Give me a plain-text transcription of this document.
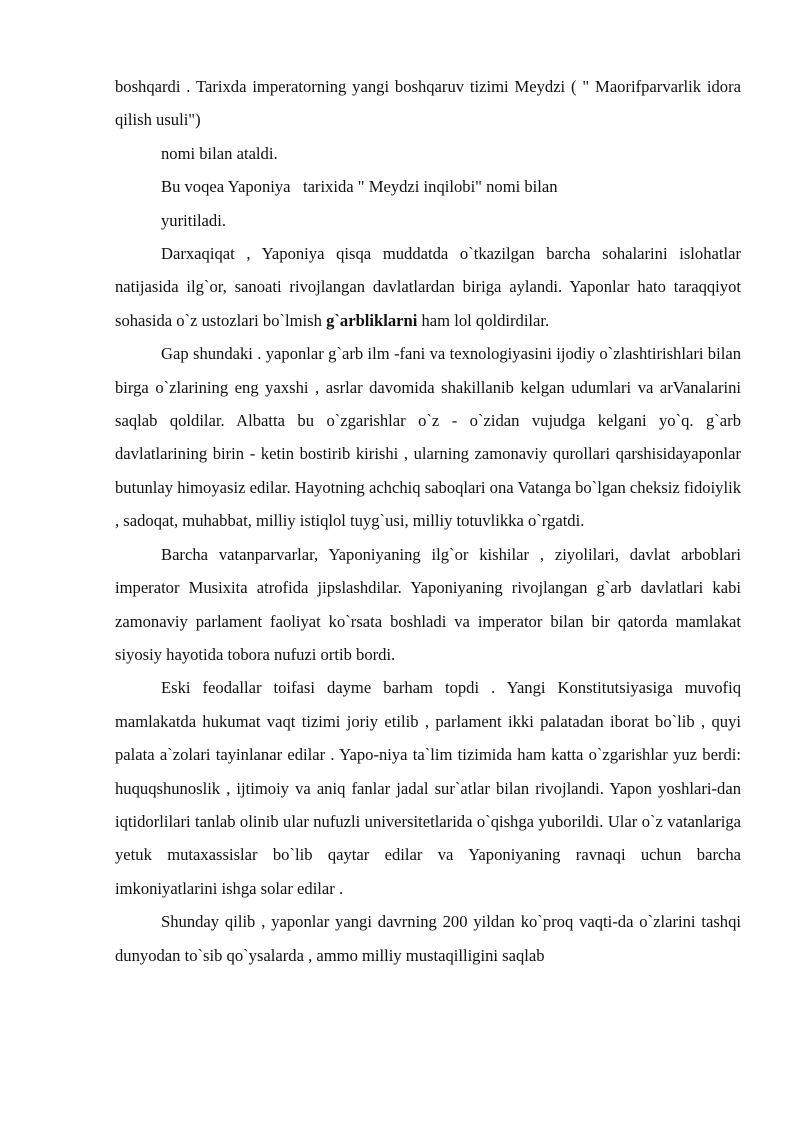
boshqardi . Tarixda imperatorning yangi boshqaruv tizimi Meydzi ( " Maorifparvarlik idora qilish usuli")

nomi bilan ataldi.

Bu voqea Yaponiya   tarixida " Meydzi inqilobi" nomi bilan

yuritiladi.

Darxaqiqat , Yaponiya qisqa muddatda o`tkazilgan barcha sohalarini islohatlar natijasida ilg`or, sanoati rivojlangan davlatlardan biriga aylandi. Yaponlar hato taraqqiyot sohasida o`z ustozlari bo`lmish g`arbliklarni ham lol qoldirdilar.

Gap shundaki . yaponlar g`arb ilm -fani va texnologiyasini ijodiy o`zlashtirishlari bilan birga o`zlarining eng yaxshi , asrlar davomida shakillanib kelgan udumlari va arVanalarini saqlab qoldilar. Albatta bu o`zgarishlar o`z - o`zidan vujudga kelgani yo`q. g`arb davlatlarining birin - ketin bostirib kirishi , ularning zamonaviy qurollari qarshisidayaponlar butunlay himoyasiz edilar. Hayotning achchiq saboqlari ona Vatanga bo`lgan cheksiz fidoiylik , sadoqat, muhabbat, milliy istiqlol tuyg`usi, milliy totuvlikka o`rgatdi.

Barcha vatanparvarlar, Yaponiyaning ilg`or kishilar , ziyolilari, davlat arboblari imperator Musixita atrofida jipslashdilar. Yaponiyaning rivojlangan g`arb davlatlari kabi zamonaviy parlament faoliyat ko`rsata boshladi va imperator bilan bir qatorda mamlakat siyosiy hayotida tobora nufuzi ortib bordi.

Eski feodallar toifasi dayme barham topdi . Yangi Konstitutsiyasiga muvofiq mamlakatda hukumat vaqt tizimi joriy etilib , parlament ikki palatadan iborat bo`lib , quyi palata a`zolari tayinlanar edilar . Yapo-niya ta`lim tizimida ham katta o`zgarishlar yuz berdi: huquqshunoslik , ijtimoiy va aniq fanlar jadal sur`atlar bilan rivojlandi. Yapon yoshlari-dan iqtidorlilari tanlab olinib ular nufuzli universitetlarida o`qishga yuborildi. Ular o`z vatanlariga yetuk mutaxassislar bo`lib qaytar edilar va Yaponiyaning ravnaqi uchun barcha imkoniyatlarini ishga solar edilar .

Shunday qilib , yaponlar yangi davrning 200 yildan ko`proq vaqti-da o`zlarini tashqi dunyodan to`sib qo`ysalarda , ammo milliy mustaqilligini saqlab
